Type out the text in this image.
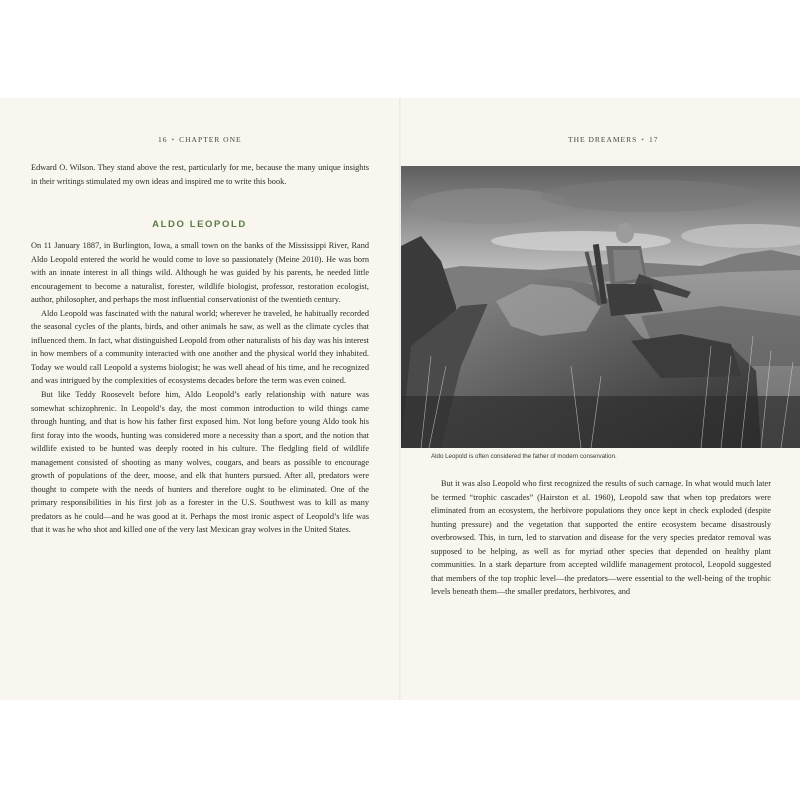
16 • CHAPTER ONE

Edward O. Wilson. They stand above the rest, particularly for me, because the many unique insights in their writings stimulated my own ideas and inspired me to write this book.

ALDO LEOPOLD

On 11 January 1887, in Burlington, Iowa, a small town on the banks of the Mississippi River, Rand Aldo Leopold entered the world he would come to love so passionately (Meine 2010). He was born with an innate interest in all things wild. Although he was guided by his parents, he needed little encouragement to become a naturalist, forester, wildlife biologist, professor, restoration ecologist, author, philosopher, and perhaps the most influential conservationist of the twentieth century.

Aldo Leopold was fascinated with the natural world; wherever he traveled, he habitually recorded the seasonal cycles of the plants, birds, and other animals he saw, as well as the climate cycles that influenced them. In fact, what distinguished Leopold from other naturalists of his day was his interest in how members of a community interacted with one another and the physical world they inhabited. Today we would call Leopold a systems biologist; he was well ahead of his time, and he recognized and was intrigued by the complexities of ecosystems decades before the term was even coined.

But like Teddy Roosevelt before him, Aldo Leopold’s early relationship with nature was somewhat schizophrenic. In Leopold’s day, the most common introduction to wild things came through hunting, and that is how his father first exposed him. Not long before young Aldo took his first foray into the woods, hunting was considered more a necessity than a sport, and the notion that wildlife existed to be hunted was deeply rooted in his culture. The fledgling field of wildlife management consisted of shooting as many wolves, cougars, and bears as possible to encourage growth of populations of the deer, moose, and elk that hunters pursued. After all, predators were thought to compete with the needs of hunters and therefore ought to be eliminated. One of the primary responsibilities in his first job as a forester in the U.S. Southwest was to kill as many predators as he could—and he was good at it. Perhaps the most ironic aspect of Leopold’s life was that it was he who shot and killed one of the very last Mexican gray wolves in the United States.

THE DREAMERS • 17
Aldo Leopold is often considered the father of modern conservation.

But it was also Leopold who first recognized the results of such carnage. In what would much later be termed “trophic cascades” (Hairston et al. 1960), Leopold saw that when top predators were eliminated from an ecosystem, the herbivore populations they once kept in check exploded (despite hunting pressure) and the vegetation that supported the entire ecosystem became disastrously overbrowsed. This, in turn, led to starvation and disease for the very species predator removal was supposed to be helping, as well as for myriad other species that depended on healthy plant communities. In a stark departure from accepted wildlife management protocol, Leopold suggested that members of the top trophic level—the predators—were essential to the well-being of the trophic levels beneath them—the smaller predators, herbivores, and
